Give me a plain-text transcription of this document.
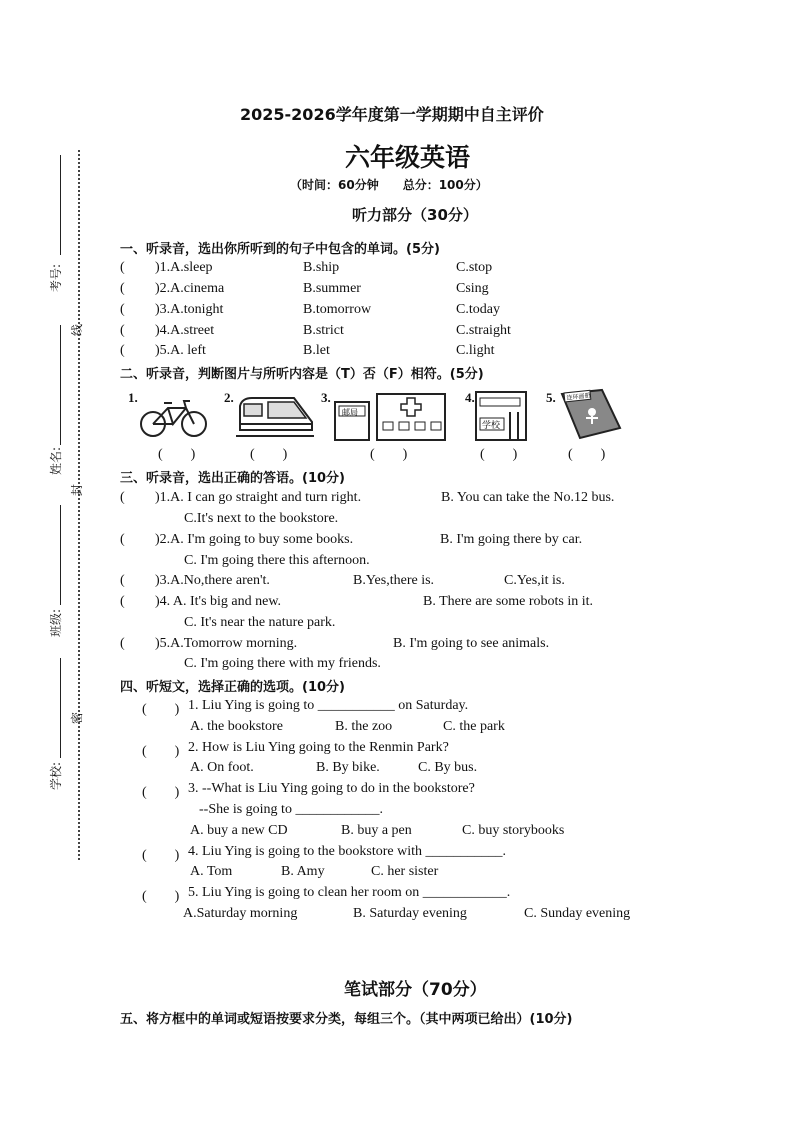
考号:
姓名:
班级:
学校:
线
封
密
2025-2026学年度第一学期期中自主评价
六年级英语
（时间：60分钟　　总分：100分）
听力部分（30分）
一、听录音，选出你所听到的句子中包含的单词。(5分)
( )1.A.sleep	B.ship	C.stop
( )2.A.cinema	B.summer	Csing
( )3.A.tonight	B.tomorrow	C.today
( )4.A.street	B.strict	C.straight
( )5.A. left	B.let	C.light
二、听录音，判断图片与所听内容是（T）否（F）相符。(5分)
1.
(　　)
2.
(　　)
3.
邮局
(　　)
4.
学校
(　　)
5. 连环画册
(　　)
三、听录音，选出正确的答语。(10分)
( )1.A. I can go straight and turn right.	B. You can take the No.12 bus.
C.It's next to the bookstore.
( )2.A. I'm going to buy some books.	B. I'm going there by car.
C. I'm going there this afternoon.
( )3.A.No,there aren't.	B.Yes,there is.	C.Yes,it is.
( )4. A. It's big and new.	B. There are some robots in it.
C. It's near the nature park.
( )5.A.Tomorrow morning.	B. I'm going to see animals.
C. I'm going there with my friends.
四、听短文，选择正确的选项。(10分)
(　　) 1. Liu Ying is going to ___________ on Saturday.
A. the bookstore	B. the zoo	C. the park
(　　) 2. How is Liu Ying going to the Renmin Park?
A. On foot.	B. By bike.	C. By bus.
(　　) 3. --What is Liu Ying going to do in the bookstore?
--She is going to ____________.
A. buy a new CD	B. buy a pen	C. buy storybooks
(　　) 4. Liu Ying is going to the bookstore with ___________.
A. Tom	B. Amy	C. her sister
(　　) 5. Liu Ying is going to clean her room on ____________.
A.Saturday morning	B. Saturday evening	C. Sunday evening
笔试部分（70分）
五、将方框中的单词或短语按要求分类，每组三个。（其中两项已给出）(10分)
